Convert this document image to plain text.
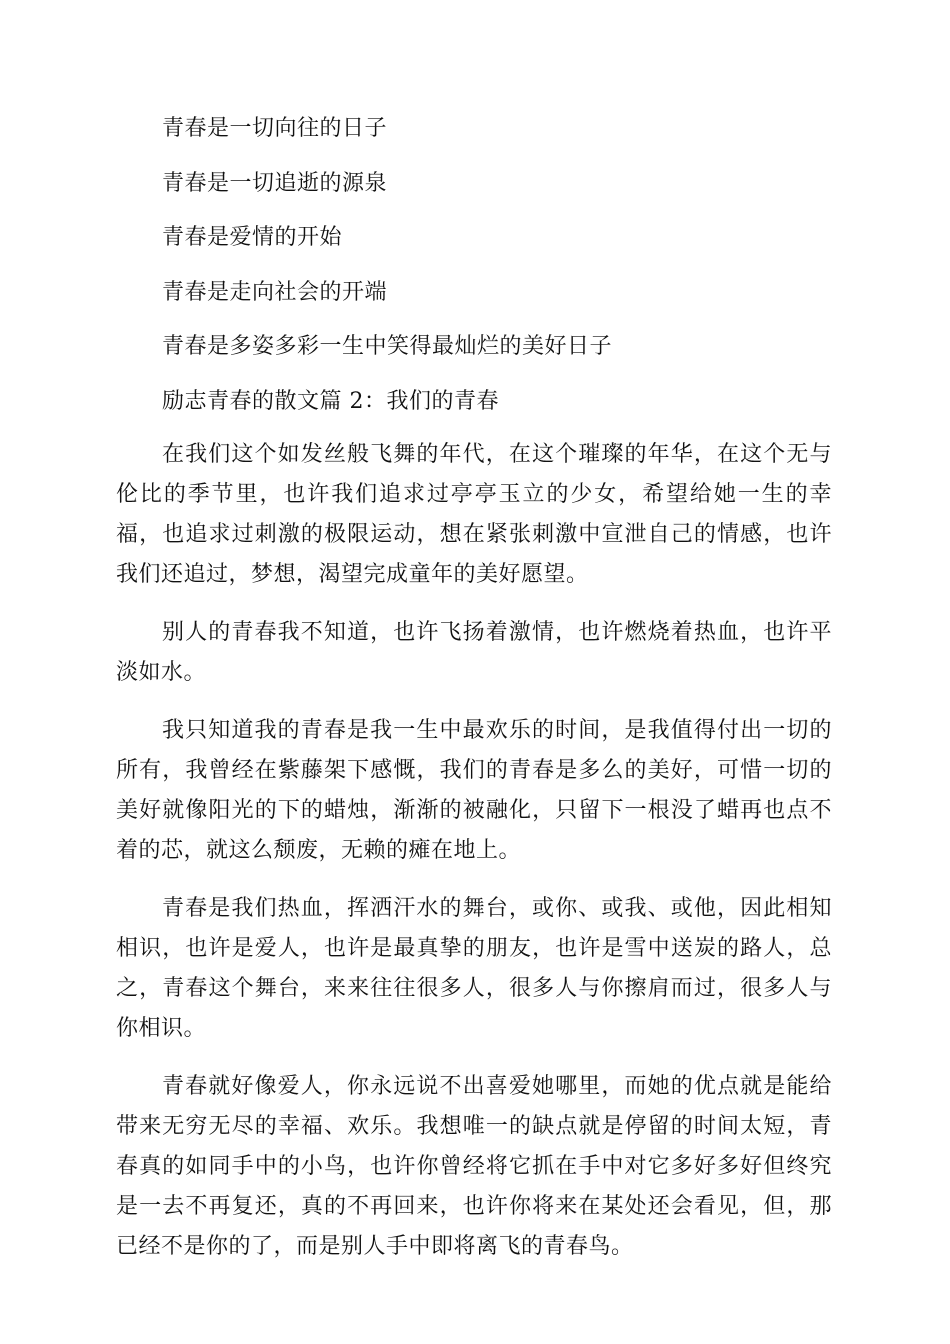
青春是一切向往的日子

青春是一切追逝的源泉

青春是爱情的开始

青春是走向社会的开端

青春是多姿多彩一生中笑得最灿烂的美好日子

励志青春的散文篇 2：我们的青春

在我们这个如发丝般飞舞的年代，在这个璀璨的年华，在这个无与伦比的季节里，也许我们追求过亭亭玉立的少女，希望给她一生的幸福，也追求过刺激的极限运动，想在紧张刺激中宣泄自己的情感，也许我们还追过，梦想，渴望完成童年的美好愿望。

别人的青春我不知道，也许飞扬着激情，也许燃烧着热血，也许平淡如水。

我只知道我的青春是我一生中最欢乐的时间，是我值得付出一切的所有，我曾经在紫藤架下感慨，我们的青春是多么的美好，可惜一切的美好就像阳光的下的蜡烛，渐渐的被融化，只留下一根没了蜡再也点不着的芯，就这么颓废，无赖的瘫在地上。

青春是我们热血，挥洒汗水的舞台，或你、或我、或他，因此相知相识，也许是爱人，也许是最真挚的朋友，也许是雪中送炭的路人，总之，青春这个舞台，来来往往很多人，很多人与你擦肩而过，很多人与你相识。

青春就好像爱人，你永远说不出喜爱她哪里，而她的优点就是能给带来无穷无尽的幸福、欢乐。我想唯一的缺点就是停留的时间太短，青春真的如同手中的小鸟，也许你曾经将它抓在手中对它多好多好但终究是一去不再复还，真的不再回来，也许你将来在某处还会看见，但，那已经不是你的了，而是别人手中即将离飞的青春鸟。
